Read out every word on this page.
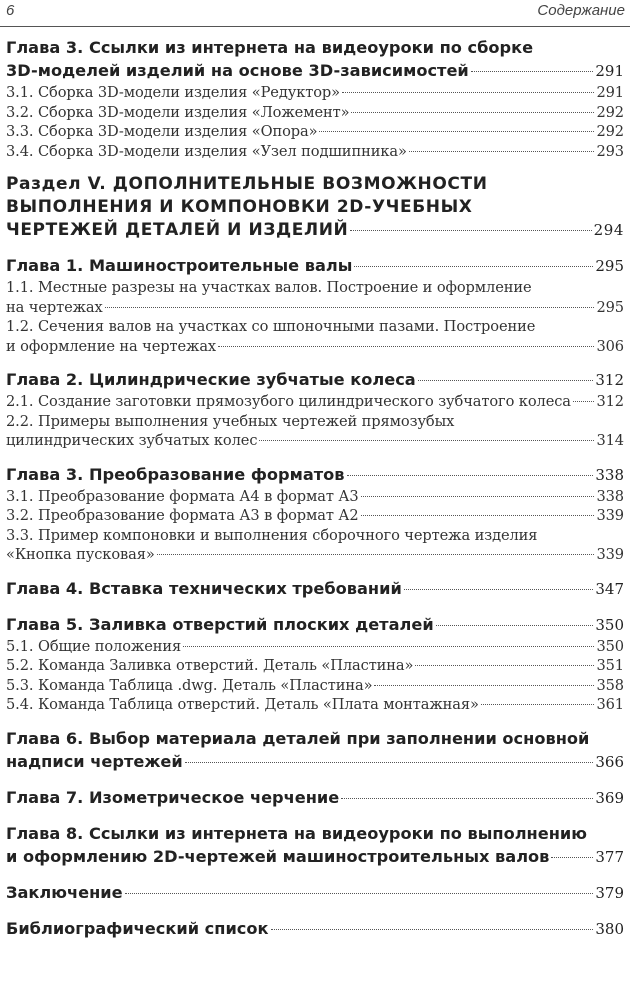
6	Содержание
Глава 3. Ссылки из интернета на видеоуроки по сборке
3D-моделей изделий на основе 3D-зависимостей	291
3.1. Сборка 3D-модели изделия «Редуктор»	291
3.2. Сборка 3D-модели изделия «Ложемент»	292
3.3. Сборка 3D-модели изделия «Опора»	292
3.4. Сборка 3D-модели изделия «Узел подшипника»	293
Раздел V. ДОПОЛНИТЕЛЬНЫЕ ВОЗМОЖНОСТИ
ВЫПОЛНЕНИЯ И КОМПОНОВКИ 2D-УЧЕБНЫХ
ЧЕРТЕЖЕЙ ДЕТАЛЕЙ И ИЗДЕЛИЙ	294
Глава 1. Машиностроительные валы	295
1.1. Местные разрезы на участках валов. Построение и оформление
на чертежах	295
1.2. Сечения валов на участках со шпоночными пазами. Построение
и оформление на чертежах	306
Глава 2. Цилиндрические зубчатые колеса	312
2.1. Создание заготовки прямозубого цилиндрического зубчатого колеса 312
2.2. Примеры выполнения учебных чертежей прямозубых
цилиндрических зубчатых колес	314
Глава 3. Преобразование форматов	338
3.1. Преобразование формата А4 в формат А3	338
3.2. Преобразование формата А3 в формат А2	339
3.3. Пример компоновки и выполнения сборочного чертежа изделия
«Кнопка пусковая»	339
Глава 4. Вставка технических требований	347
Глава 5. Заливка отверстий плоских деталей	350
5.1. Общие положения	350
5.2. Команда Заливка отверстий. Деталь «Пластина»	351
5.3. Команда Таблица .dwg. Деталь «Пластина»	358
5.4. Команда Таблица отверстий. Деталь «Плата монтажная»	361
Глава 6. Выбор материала деталей при заполнении основной
надписи чертежей	366
Глава 7. Изометрическое черчение	369
Глава 8. Ссылки из интернета на видеоуроки по выполнению
и оформлению 2D-чертежей машиностроительных валов	377
Заключение	379
Библиографический список	380
